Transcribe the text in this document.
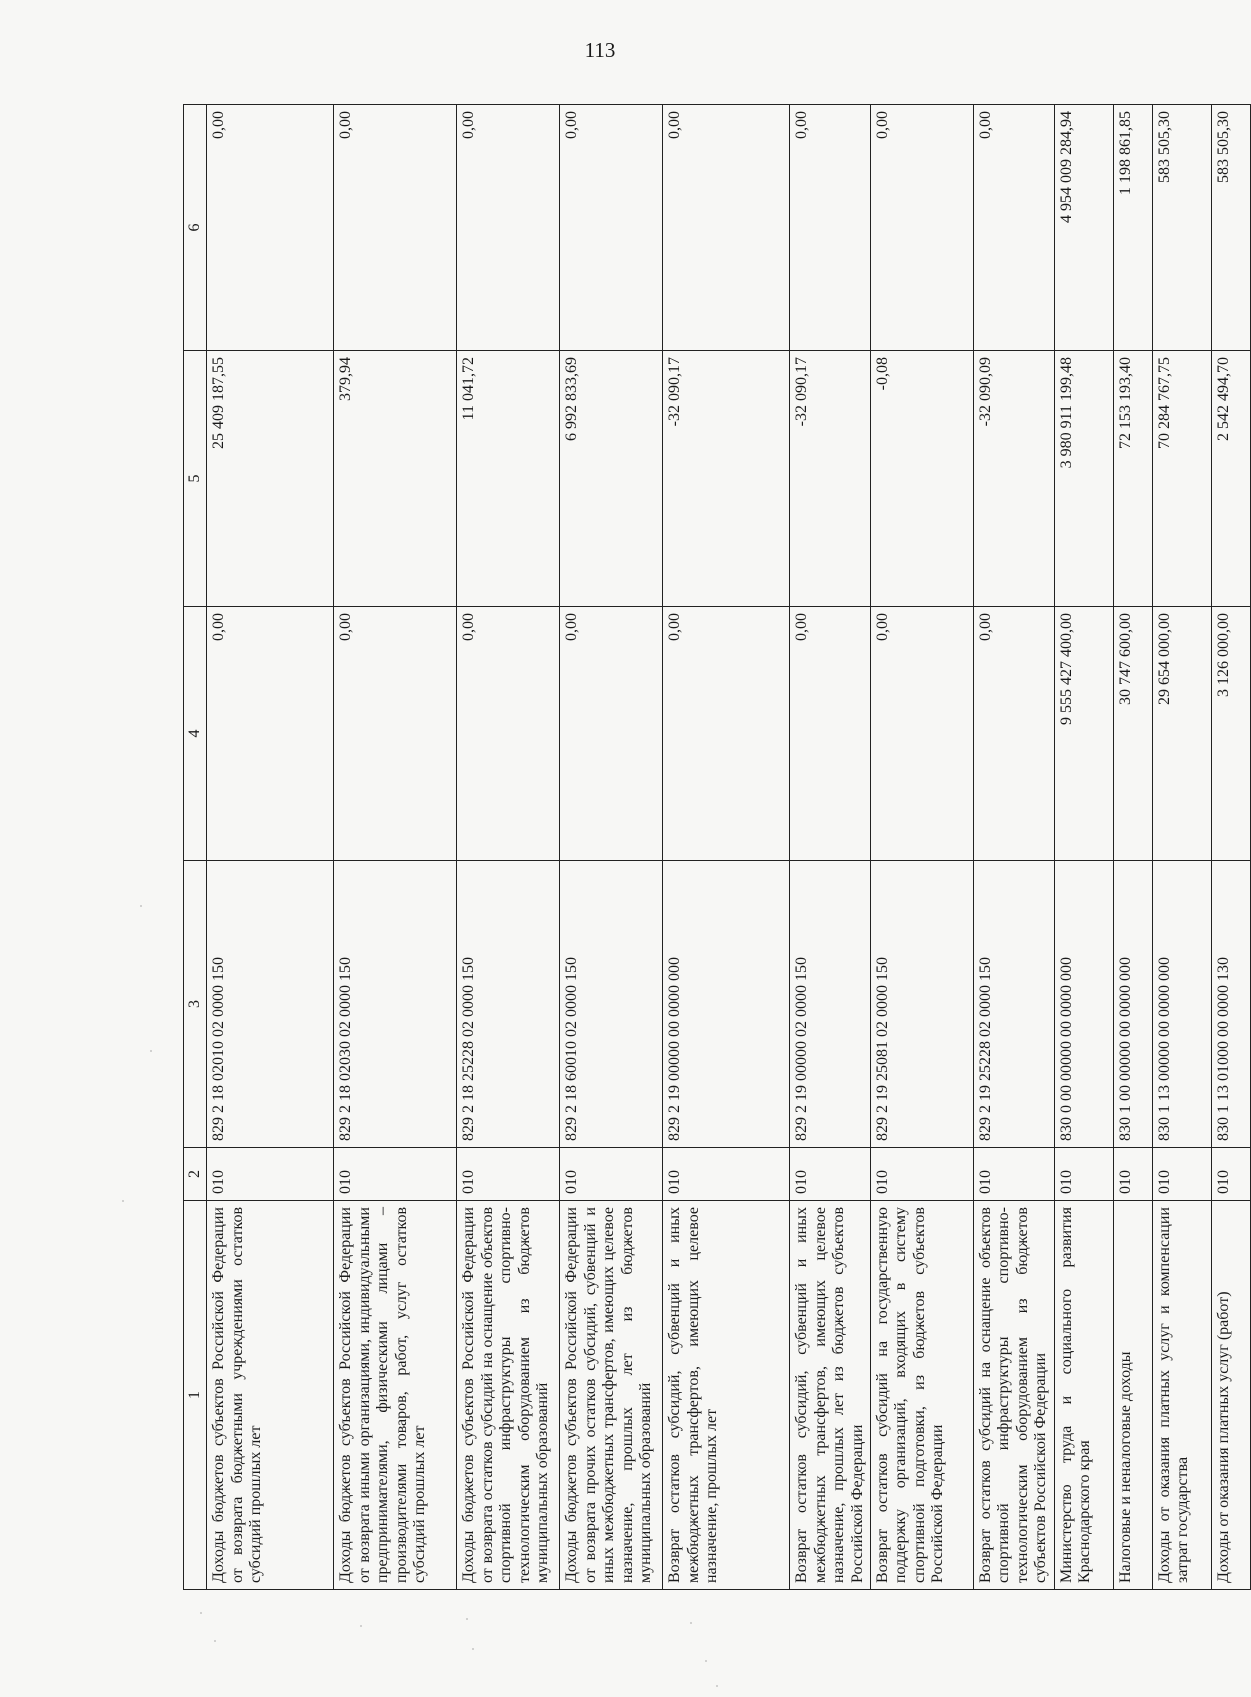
113
1	2	3	4	5	6
Доходы бюджетов субъектов Российской Федерации от возврата бюджетными учреждениями остатков субсидий прошлых лет	010	829 2 18 02010 02 0000 150	0,00	25 409 187,55	0,00
Доходы бюджетов субъектов Российской Федерации от возврата иными организациями, индивидуальными предпринимателями, физическими лицами – производителями товаров, работ, услуг остатков субсидий прошлых лет	010	829 2 18 02030 02 0000 150	0,00	379,94	0,00
Доходы бюджетов субъектов Российской Федерации от возврата остатков субсидий на оснащение объектов спортивной инфраструктуры спортивно-технологическим оборудованием из бюджетов муниципальных образований	010	829 2 18 25228 02 0000 150	0,00	11 041,72	0,00
Доходы бюджетов субъектов Российской Федерации от возврата прочих остатков субсидий, субвенций и иных межбюджетных трансфертов, имеющих целевое назначение, прошлых лет из бюджетов муниципальных образований	010	829 2 18 60010 02 0000 150	0,00	6 992 833,69	0,00
Возврат остатков субсидий, субвенций и иных межбюджетных трансфертов, имеющих целевое назначение, прошлых лет	010	829 2 19 00000 00 0000 000	0,00	-32 090,17	0,00
Возврат остатков субсидий, субвенций и иных межбюджетных трансфертов, имеющих целевое назначение, прошлых лет из бюджетов субъектов Российской Федерации	010	829 2 19 00000 02 0000 150	0,00	-32 090,17	0,00
Возврат остатков субсидий на государственную поддержку организаций, входящих в систему спортивной подготовки, из бюджетов субъектов Российской Федерации	010	829 2 19 25081 02 0000 150	0,00	-0,08	0,00
Возврат остатков субсидий на оснащение объектов спортивной инфраструктуры спортивно-технологическим оборудованием из бюджетов субъектов Российской Федерации	010	829 2 19 25228 02 0000 150	0,00	-32 090,09	0,00
Министерство труда и социального развития Краснодарского края	010	830 0 00 00000 00 0000 000	9 555 427 400,00	3 980 911 199,48	4 954 009 284,94
Налоговые и неналоговые доходы	010	830 1 00 00000 00 0000 000	30 747 600,00	72 153 193,40	1 198 861,85
Доходы от оказания платных услуг и компенсации затрат государства	010	830 1 13 00000 00 0000 000	29 654 000,00	70 284 767,75	583 505,30
Доходы от оказания платных услуг (работ)	010	830 1 13 01000 00 0000 130	3 126 000,00	2 542 494,70	583 505,30
